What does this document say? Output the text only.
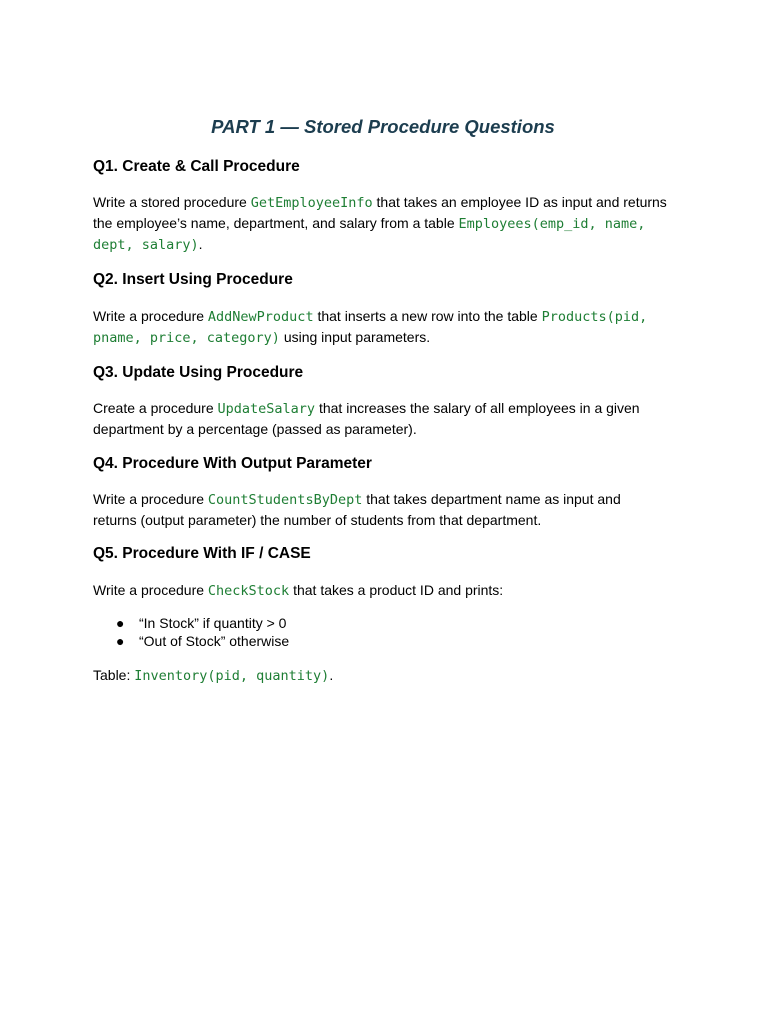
PART 1 — Stored Procedure Questions
Q1. Create & Call Procedure

Write a stored procedure GetEmployeeInfo that takes an employee ID as input and returns the employee’s name, department, and salary from a table Employees(emp_id, name, dept, salary).

Q2. Insert Using Procedure

Write a procedure AddNewProduct that inserts a new row into the table Products(pid, pname, price, category) using input parameters.

Q3. Update Using Procedure

Create a procedure UpdateSalary that increases the salary of all employees in a given department by a percentage (passed as parameter).

Q4. Procedure With Output Parameter

Write a procedure CountStudentsByDept that takes department name as input and returns (output parameter) the number of students from that department.

Q5. Procedure With IF / CASE

Write a procedure CheckStock that takes a product ID and prints:

● “In Stock” if quantity > 0
● “Out of Stock” otherwise

Table: Inventory(pid, quantity).
